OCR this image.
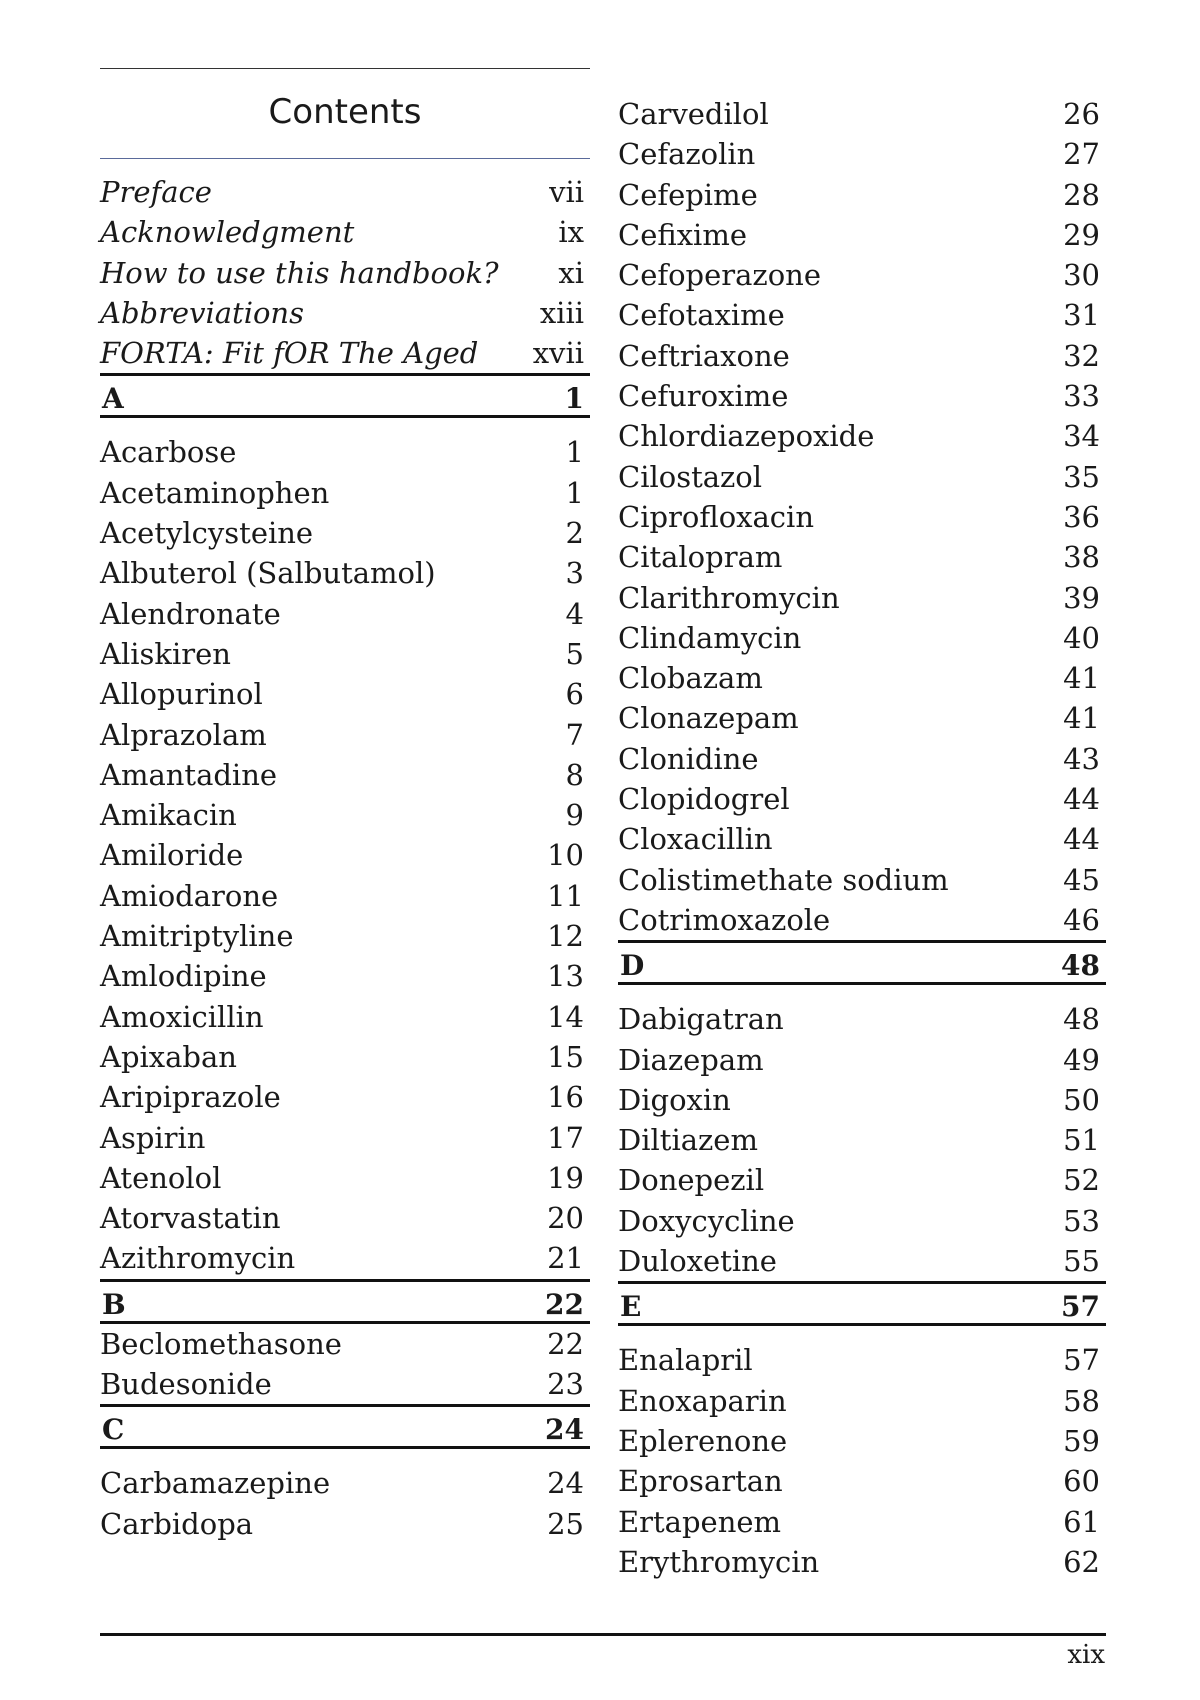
Contents
Preface	vii
Acknowledgment	ix
How to use this handbook? xi
Abbreviations	xiii
FORTA: Fit fOR The Aged xvii
A	1
Acarbose	1
Acetaminophen	1
Acetylcysteine	2
Albuterol (Salbutamol)	3
Alendronate	4
Aliskiren	5
Allopurinol	6
Alprazolam	7
Amantadine	8
Amikacin	9
Amiloride	10
Amiodarone	11
Amitriptyline	12
Amlodipine	13
Amoxicillin	14
Apixaban	15
Aripiprazole	16
Aspirin	17
Atenolol	19
Atorvastatin	20
Azithromycin	21
B	22
Beclomethasone	22
Budesonide	23
C	24
Carbamazepine	24
Carbidopa	25
Carvedilol	26
Cefazolin	27
Cefepime	28
Cefixime	29
Cefoperazone	30
Cefotaxime	31
Ceftriaxone	32
Cefuroxime	33
Chlordiazepoxide	34
Cilostazol	35
Ciprofloxacin	36
Citalopram	38
Clarithromycin	39
Clindamycin	40
Clobazam	41
Clonazepam	41
Clonidine	43
Clopidogrel	44
Cloxacillin	44
Colistimethate sodium	45
Cotrimoxazole	46
D	48
Dabigatran	48
Diazepam	49
Digoxin	50
Diltiazem	51
Donepezil	52
Doxycycline	53
Duloxetine	55
E	57
Enalapril	57
Enoxaparin	58
Eplerenone	59
Eprosartan	60
Ertapenem	61
Erythromycin	62
xix
